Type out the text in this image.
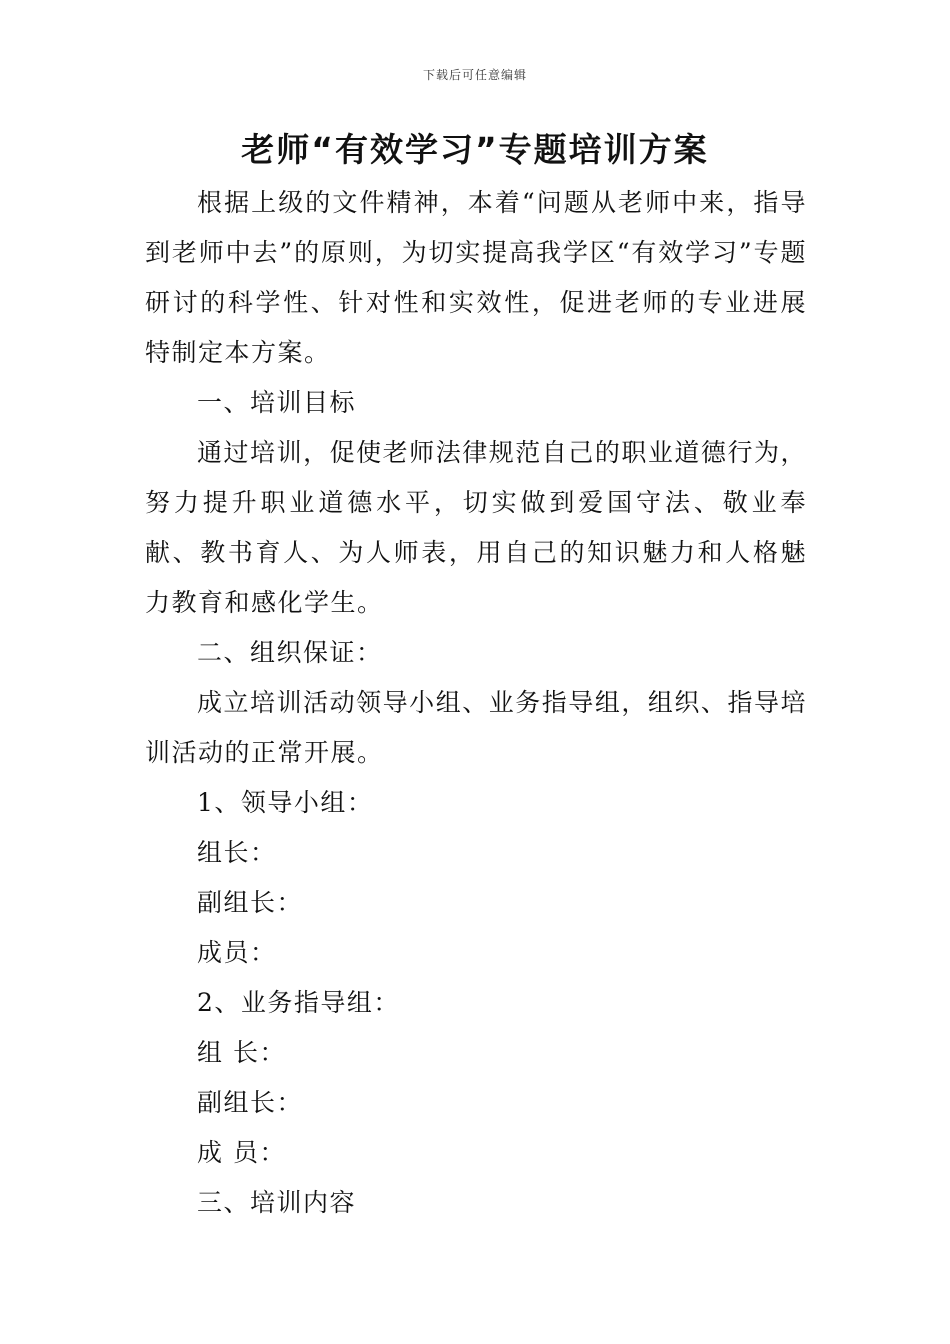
下载后可任意编辑
老师“有效学习”专题培训方案

根据上级的文件精神，本着“问题从老师中来，指导到老师中去”的原则，为切实提高我学区“有效学习”专题研讨的科学性、针对性和实效性，促进老师的专业进展特制定本方案。

一、培训目标

通过培训，促使老师法律规范自己的职业道德行为，努力提升职业道德水平，切实做到爱国守法、敬业奉献、教书育人、为人师表，用自己的知识魅力和人格魅力教育和感化学生。

二、组织保证：

成立培训活动领导小组、业务指导组，组织、指导培训活动的正常开展。

1、领导小组：

组长：

副组长：

成员：

2、业务指导组：

组 长：

副组长：

成 员：

三、培训内容
